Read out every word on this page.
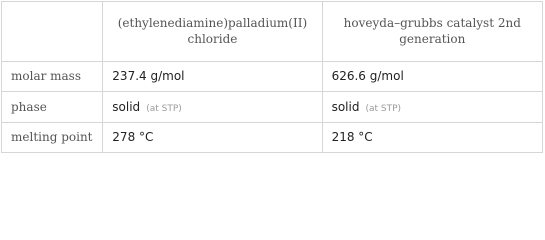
	(ethylenediamine)palladium(II) chloride	hoveyda–grubbs catalyst 2nd generation
molar mass	237.4 g/mol	626.6 g/mol
phase	solid (at STP)	solid (at STP)
melting point	278 °C	218 °C
